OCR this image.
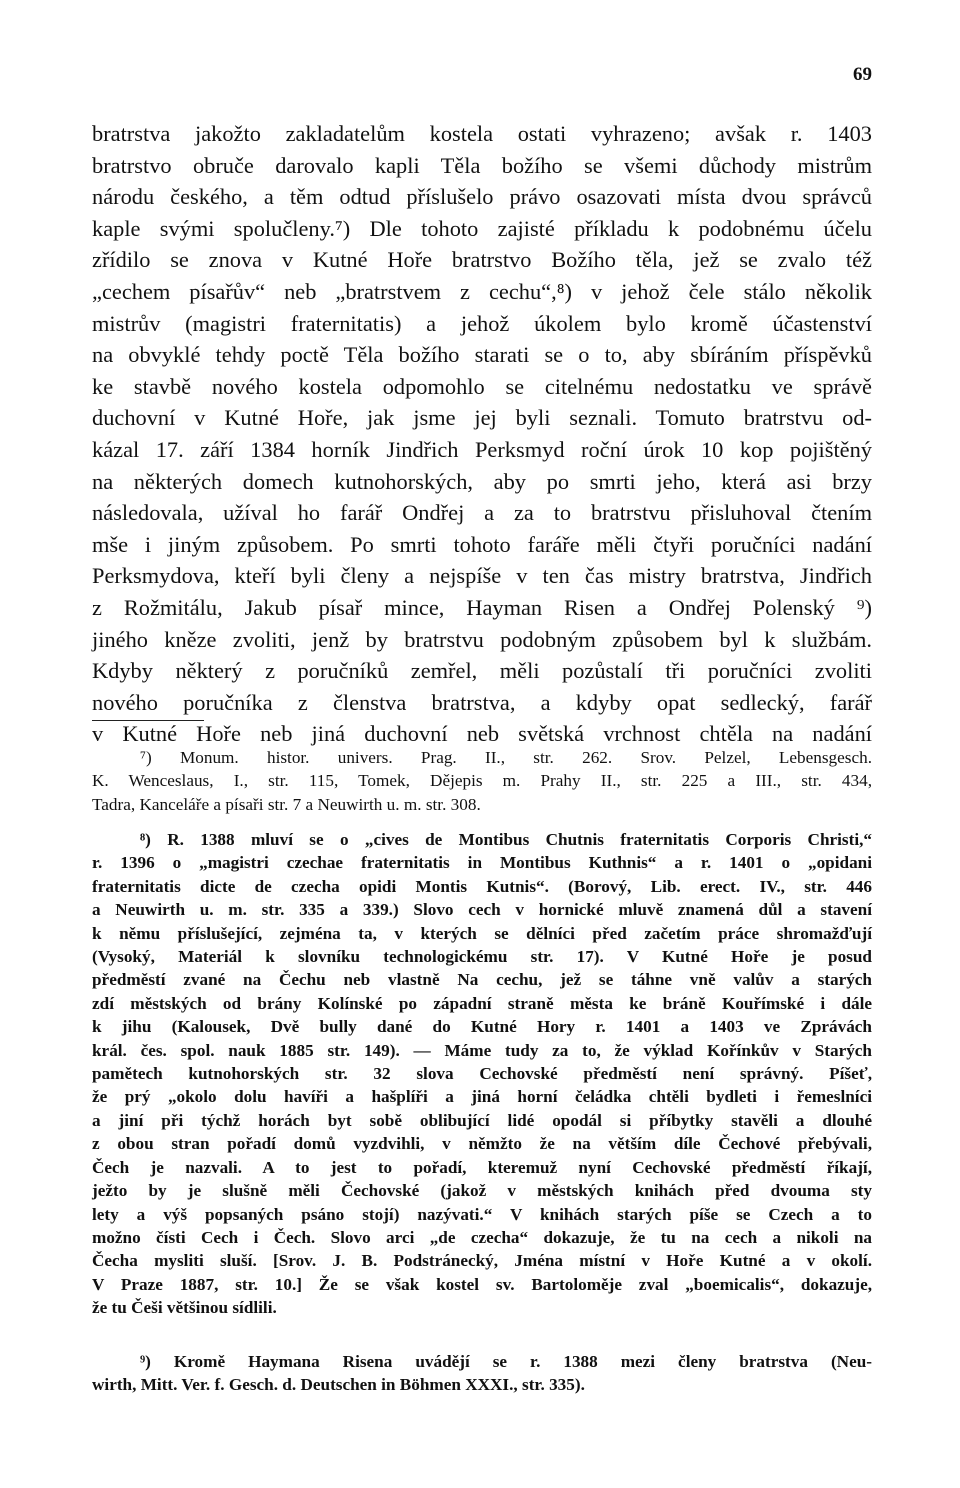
69
bratrstva jakožto zakladatelům kostela ostati vyhrazeno; avšak r. 1403
bratrstvo obruče darovalo kapli Těla božího se všemi důchody mistrům
národu českého, a těm odtud příslušelo právo osazovati místa dvou správců
kaple svými spolučleny.⁷) Dle tohoto zajisté příkladu k podobnému účelu
zřídilo se znova v Kutné Hoře bratrstvo Božího těla, jež se zvalo též
„cechem písařův“ neb „bratrstvem z cechu“,⁸) v jehož čele stálo několik
mistrův (magistri fraternitatis) a jehož úkolem bylo kromě účastenství
na obvyklé tehdy poctě Těla božího starati se o to, aby sbíráním příspěvků
ke stavbě nového kostela odpomohlo se citelnému nedostatku ve správě
duchovní v Kutné Hoře, jak jsme jej byli seznali. Tomuto bratrstvu od-
kázal 17. září 1384 horník Jindřich Perksmyd roční úrok 10 kop pojištěný
na některých domech kutnohorských, aby po smrti jeho, která asi brzy
následovala, užíval ho farář Ondřej a za to bratrstvu přisluhoval čtením
mše i jiným způsobem. Po smrti tohoto faráře měli čtyři poručníci nadání
Perksmydova, kteří byli členy a nejspíše v ten čas mistry bratrstva, Jindřich
z Rožmitálu, Jakub písař mince, Hayman Risen a Ondřej Polenský ⁹)
jiného kněze zvoliti, jenž by bratrstvu podobným způsobem byl k službám.
Kdyby některý z poručníků zemřel, měli pozůstalí tři poručníci zvoliti
nového poručníka z členstva bratrstva, a kdyby opat sedlecký, farář
v Kutné Hoře neb jiná duchovní neb světská vrchnost chtěla na nadání
⁷) Monum. histor. univers. Prag. II., str. 262. Srov. Pelzel, Lebensgesch.
K. Wenceslaus, I., str. 115, Tomek, Dějepis m. Prahy II., str. 225 a III., str. 434,
Tadra, Kanceláře a písaři str. 7 a Neuwirth u. m. str. 308.
⁸) R. 1388 mluví se o „cives de Montibus Chutnis fraternitatis Corporis Christi,“
r. 1396 o „magistri czechae fraternitatis in Montibus Kuthnis“ a r. 1401 o „opidani
fraternitatis dicte de czecha opidi Montis Kutnis“. (Borový, Lib. erect. IV., str. 446
a Neuwirth u. m. str. 335 a 339.) Slovo cech v hornické mluvě znamená důl a stavení
k němu příslušející, zejména ta, v kterých se dělníci před začetím práce shromažďují
(Vysoký, Materiál k slovníku technologickému str. 17). V Kutné Hoře je posud
předměstí zvané na Čechu neb vlastně Na cechu, jež se táhne vně valův a starých
zdí městských od brány Kolínské po západní straně města ke bráně Kouřímské i dále
k jihu (Kalousek, Dvě bully dané do Kutné Hory r. 1401 a 1403 ve Zprávách
král. čes. spol. nauk 1885 str. 149). — Máme tudy za to, že výklad Kořínkův v Starých
pamětech kutnohorských str. 32 slova Cechovské předměstí není správný. Píšeť,
že prý „okolo dolu havíři a hašplíři a jiná horní čeládka chtěli bydleti i řemeslníci
a jiní při týchž horách byt sobě oblibující lidé opodál si příbytky stavěli a dlouhé
z obou stran pořadí domů vyzdvihli, v němžto že na větším díle Čechové přebývali,
Čech je nazvali. A to jest to pořadí, kteremuž nyní Cechovské předměstí říkají,
ježto by je slušně měli Čechovské (jakož v městských knihách před dvouma sty
lety a výš popsaných psáno stojí) nazývati.“ V knihách starých píše se Czech a to
možno čísti Cech i Čech. Slovo arci „de czecha“ dokazuje, že tu na cech a nikoli na
Čecha mysliti sluší. [Srov. J. B. Podstránecký, Jména místní v Hoře Kutné a v okolí.
V Praze 1887, str. 10.] Že se však kostel sv. Bartoloměje zval „boemicalis“, dokazuje,
že tu Češi většinou sídlili.
⁹) Kromě Haymana Risena uvádějí se r. 1388 mezi členy bratrstva (Neu-
wirth, Mitt. Ver. f. Gesch. d. Deutschen in Böhmen XXXI., str. 335).
